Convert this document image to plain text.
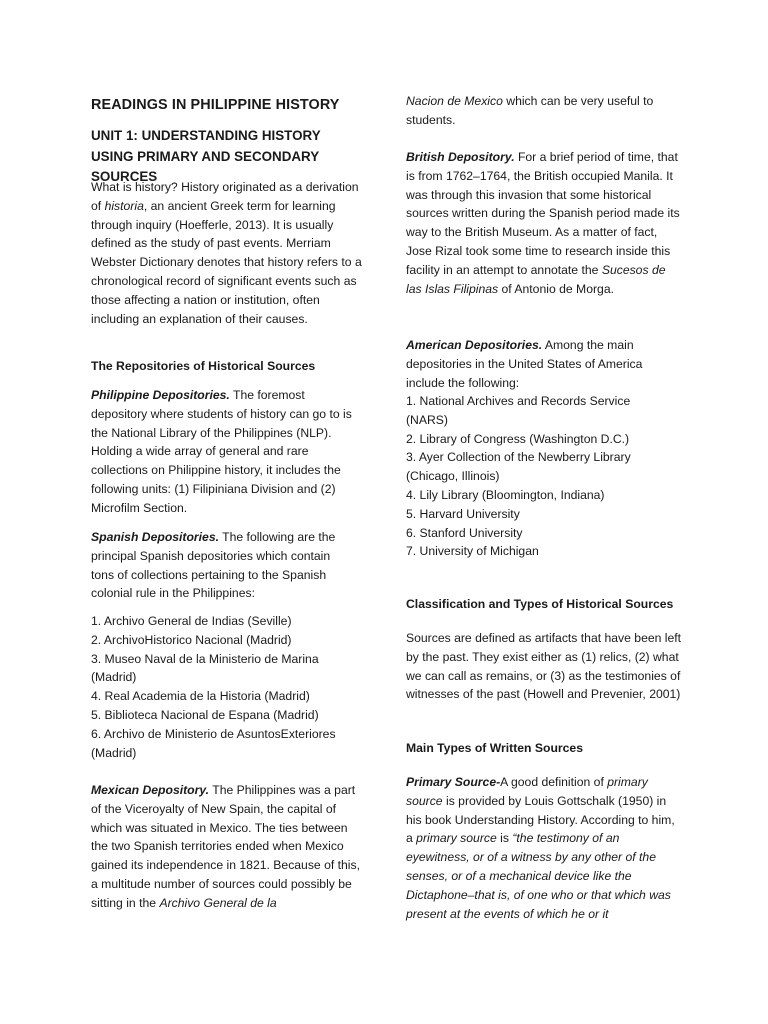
READINGS IN PHILIPPINE HISTORY
UNIT 1: UNDERSTANDING HISTORY USING PRIMARY AND SECONDARY SOURCES

What is history? History originated as a derivation of historia, an ancient Greek term for learning through inquiry (Hoefferle, 2013). It is usually defined as the study of past events. Merriam Webster Dictionary denotes that history refers to a chronological record of significant events such as those affecting a nation or institution, often including an explanation of their causes.

The Repositories of Historical Sources

Philippine Depositories. The foremost depository where students of history can go to is the National Library of the Philippines (NLP). Holding a wide array of general and rare collections on Philippine history, it includes the following units: (1) Filipiniana Division and (2) Microfilm Section.

Spanish Depositories. The following are the principal Spanish depositories which contain tons of collections pertaining to the Spanish colonial rule in the Philippines:

1. Archivo General de Indias (Seville)
2. ArchivoHistorico Nacional (Madrid)
3. Museo Naval de la Ministerio de Marina (Madrid)
4. Real Academia de la Historia (Madrid)
5. Biblioteca Nacional de Espana (Madrid)
6. Archivo de Ministerio de AsuntosExteriores (Madrid)

Mexican Depository. The Philippines was a part of the Viceroyalty of New Spain, the capital of which was situated in Mexico. The ties between the two Spanish territories ended when Mexico gained its independence in 1821. Because of this, a multitude number of sources could possibly be sitting in the Archivo General de la

Nacion de Mexico which can be very useful to students.

British Depository. For a brief period of time, that is from 1762–1764, the British occupied Manila. It was through this invasion that some historical sources written during the Spanish period made its way to the British Museum. As a matter of fact, Jose Rizal took some time to research inside this facility in an attempt to annotate the Sucesos de las Islas Filipinas of Antonio de Morga.

American Depositories. Among the main depositories in the United States of America include the following:

1. National Archives and Records Service (NARS)
2. Library of Congress (Washington D.C.)
3. Ayer Collection of the Newberry Library (Chicago, Illinois)
4. Lily Library (Bloomington, Indiana)
5. Harvard University
6. Stanford University
7. University of Michigan
Classification and Types of Historical Sources

Sources are defined as artifacts that have been left by the past. They exist either as (1) relics, (2) what we can call as remains, or (3) as the testimonies of witnesses of the past (Howell and Prevenier, 2001)

Main Types of Written Sources

Primary Source-A good definition of primary source is provided by Louis Gottschalk (1950) in his book Understanding History. According to him, a primary source is “the testimony of an eyewitness, or of a witness by any other of the senses, or of a mechanical device like the Dictaphone–that is, of one who or that which was present at the events of which he or it
